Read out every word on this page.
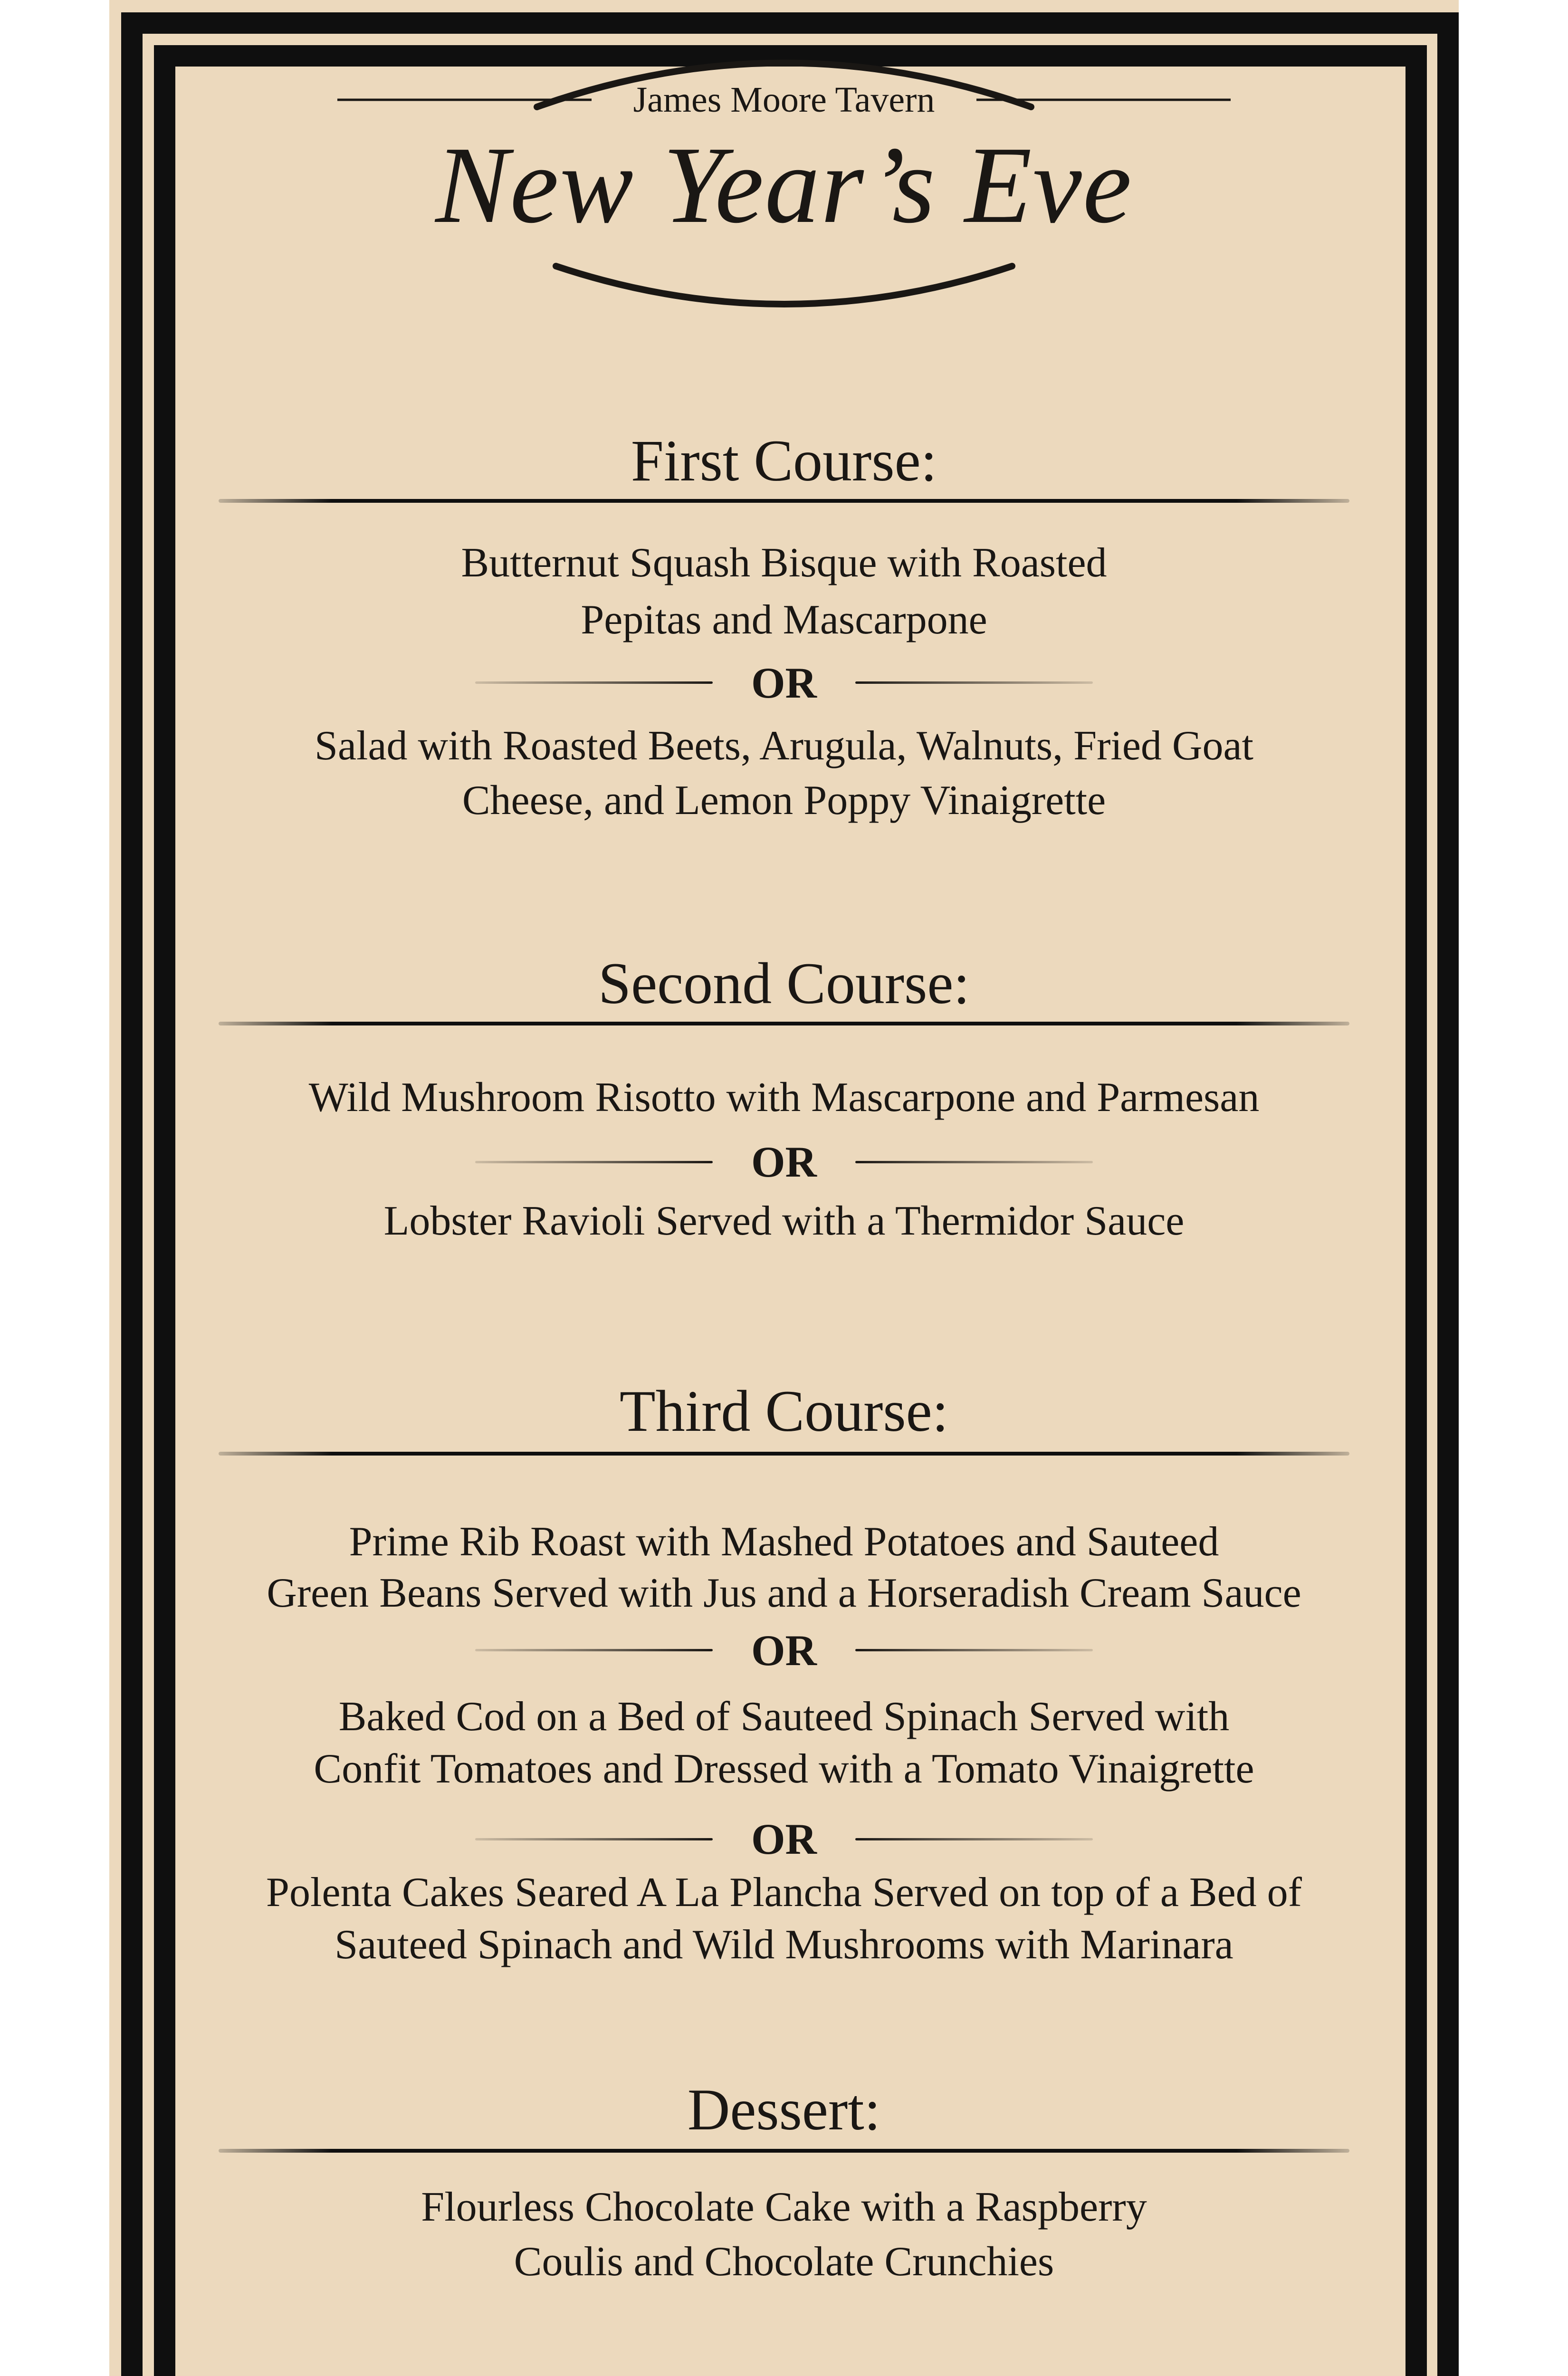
James Moore Tavern
New Year’s Eve
First Course:
Butternut Squash Bisque with Roasted
Pepitas and Mascarpone
OR
Salad with Roasted Beets, Arugula, Walnuts, Fried Goat
Cheese, and Lemon Poppy Vinaigrette
Second Course:
Wild Mushroom Risotto with Mascarpone and Parmesan
OR
Lobster Ravioli Served with a Thermidor Sauce
Third Course:
Prime Rib Roast with Mashed Potatoes and Sauteed
Green Beans Served with Jus and a Horseradish Cream Sauce
OR
Baked Cod on a Bed of Sauteed Spinach Served with
Confit Tomatoes and Dressed with a Tomato Vinaigrette
OR
Polenta Cakes Seared A La Plancha Served on top of a Bed of
Sauteed Spinach and Wild Mushrooms with Marinara
Dessert:
Flourless Chocolate Cake with a Raspberry
Coulis and Chocolate Crunchies
